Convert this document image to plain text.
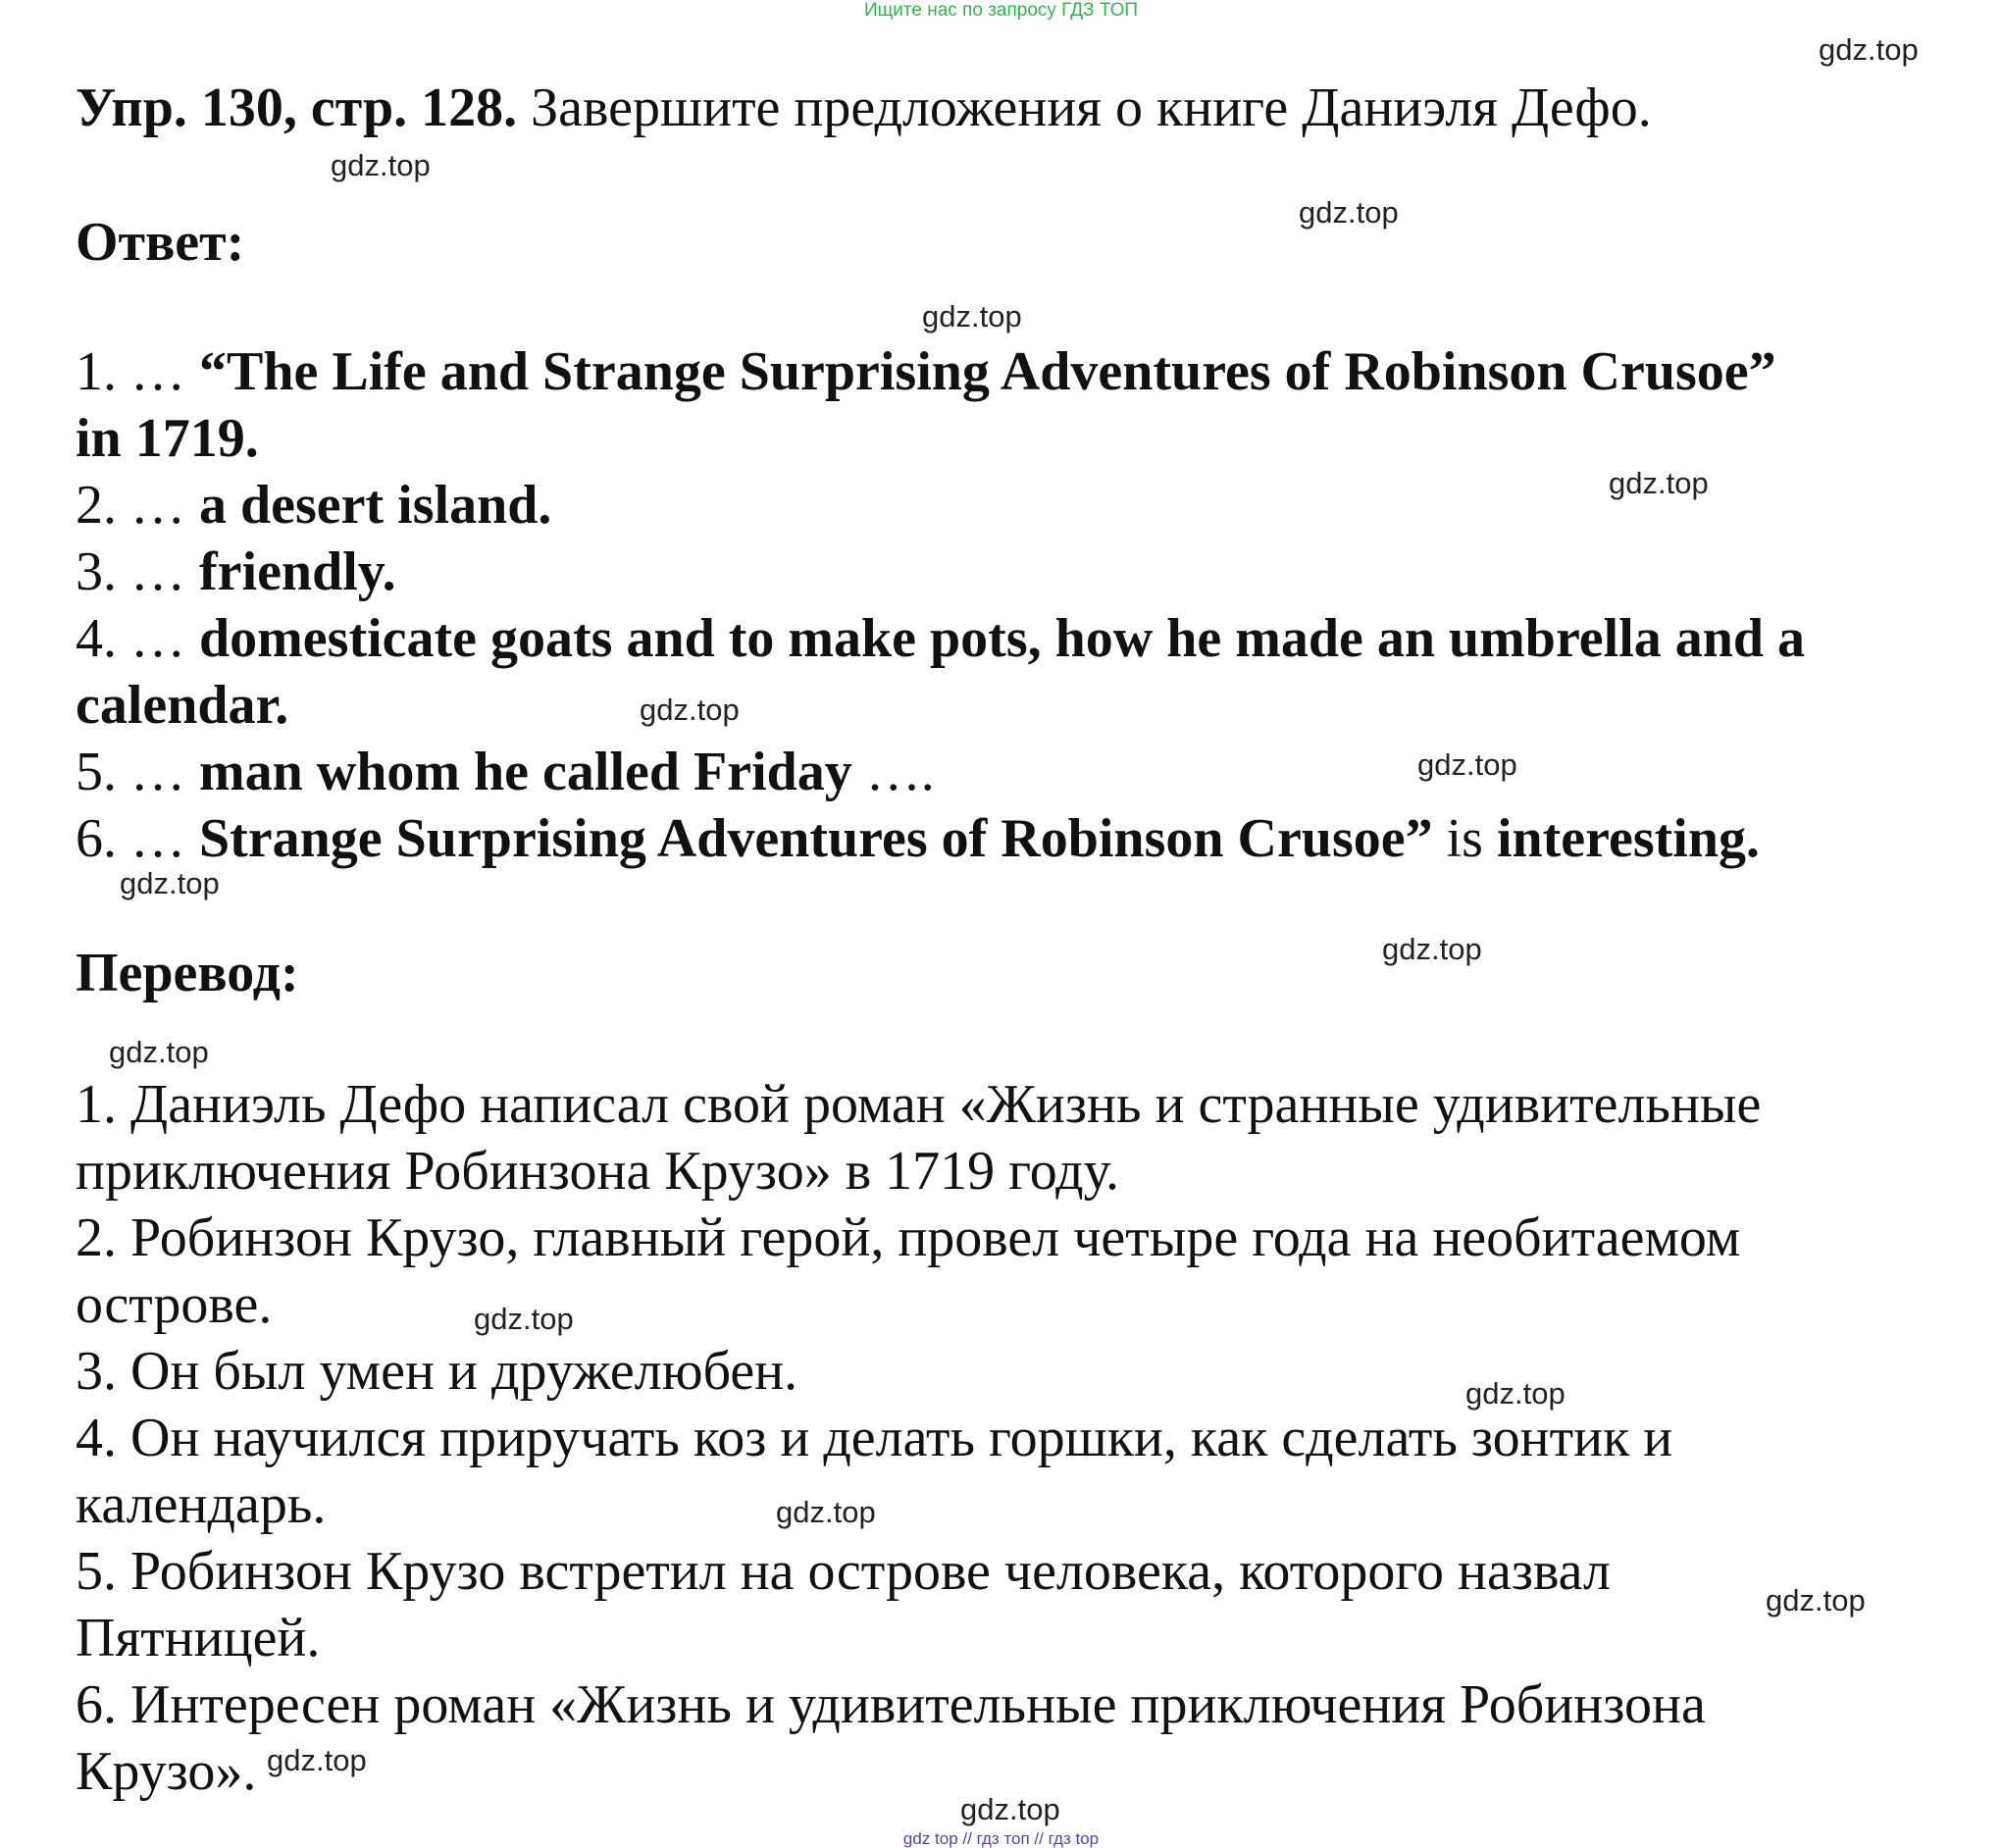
Ищите нас по запросу ГДЗ ТОП
Упр. 130, стр. 128. Завершите предложения о книге Даниэля Дефо.
Ответ:
1. … “The Life and Strange Surprising Adventures of Robinson Crusoe”
in 1719.
2. … a desert island.
3. … friendly.
4. … domesticate goats and to make pots, how he made an umbrella and a
calendar.
5. … man whom he called Friday ….
6. … Strange Surprising Adventures of Robinson Crusoe” is interesting.
Перевод:
1. Даниэль Дефо написал свой роман «Жизнь и странные удивительные
приключения Робинзона Крузо» в 1719 году.
2. Робинзон Крузо, главный герой, провел четыре года на необитаемом
острове.
3. Он был умен и дружелюбен.
4. Он научился приручать коз и делать горшки, как сделать зонтик и
календарь.
5. Робинзон Крузо встретил на острове человека, которого назвал
Пятницей.
6. Интересен роман «Жизнь и удивительные приключения Робинзона
Крузо».
gdz.top
gdz.top
gdz.top
gdz.top
gdz.top
gdz.top
gdz.top
gdz.top
gdz.top
gdz.top
gdz.top
gdz.top
gdz.top
gdz.top
gdz.top
gdz.top
gdz top // гдз топ // гдз top
